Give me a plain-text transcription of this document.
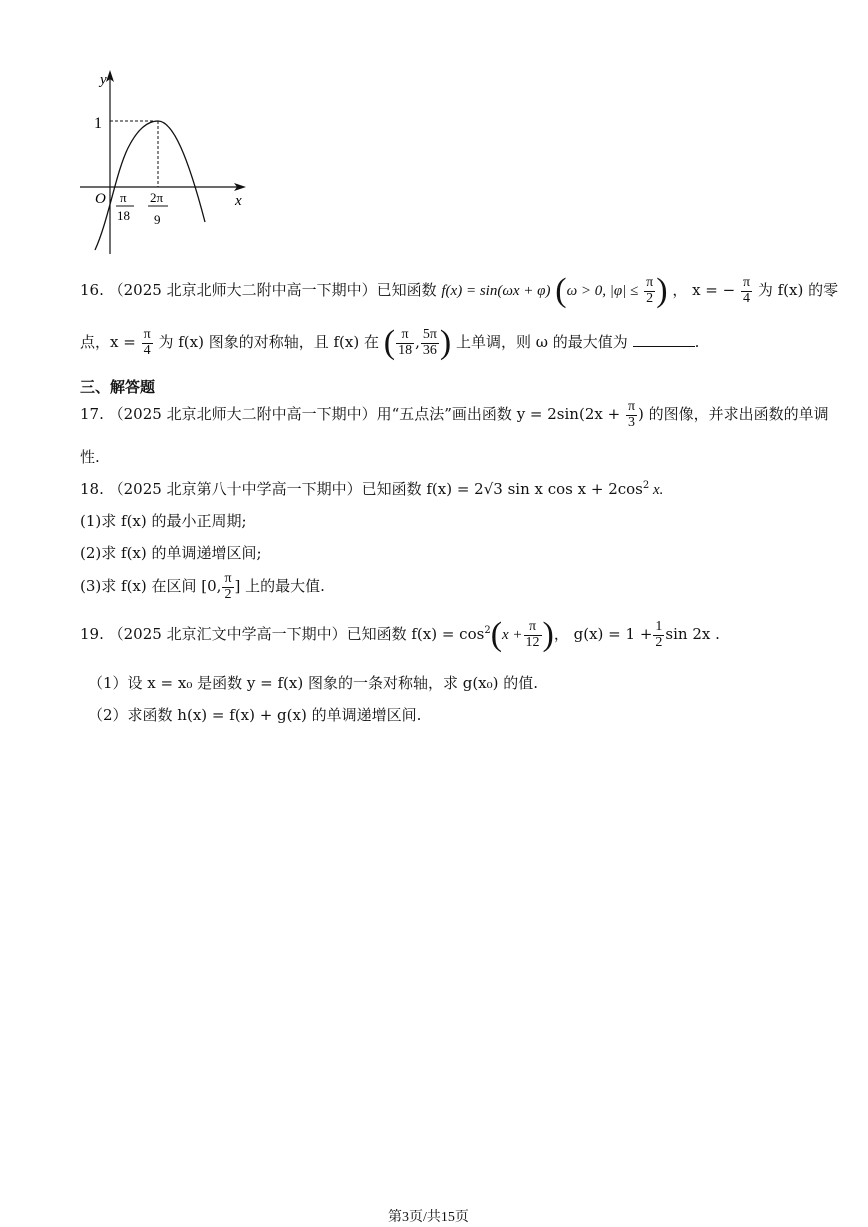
y
x
O
1
π
18
2π
9
16. （2025 北京北师大二附中高一下期中）已知函数 f(x) = sin(ωx + φ) (ω > 0, $|\varphi| \le \frac{\pi}{2}$ ) ， x = − $\frac{\pi}{4}$ 为 f(x) 的零
点，$x = \frac{\pi}{4}$ 为 f(x) 图象的对称轴，且 f(x) 在 ( $\frac{\pi}{18}$ , $\frac{5\pi}{36}$ ) 上单调，则 ω 的最大值为	.
三、解答题
17. （2025 北京北师大二附中高一下期中）用“五点法”画出函数 $y = 2\sin(2x + \frac{\pi}{3}$ ) 的图像，并求出函数的单调
性.
18. （2025 北京第八十中学高一下期中）已知函数 f(x) = 2√3 sin x $\cos x + 2\cos^2$ x.
(1)求 f(x) 的最小正周期;
(2)求 f(x) 的单调递增区间;
(3)求 f(x) 在区间 [0, $\frac{\pi}{2}$ ] 上的最大值.
19. （2025 北京汇文中学高一下期中）已知函数 $f(x) = \cos^2(x + \frac{\pi}{12}$ )， $g(x) = 1 + \frac{1}{2}$ sin 2x .
（1）设 x = x₀ 是函数 y = f(x) 图象的一条对称轴，求 g(x₀) 的值.
（2）求函数 h(x) = f(x) + g(x) 的单调递增区间.
第3页/共15页
